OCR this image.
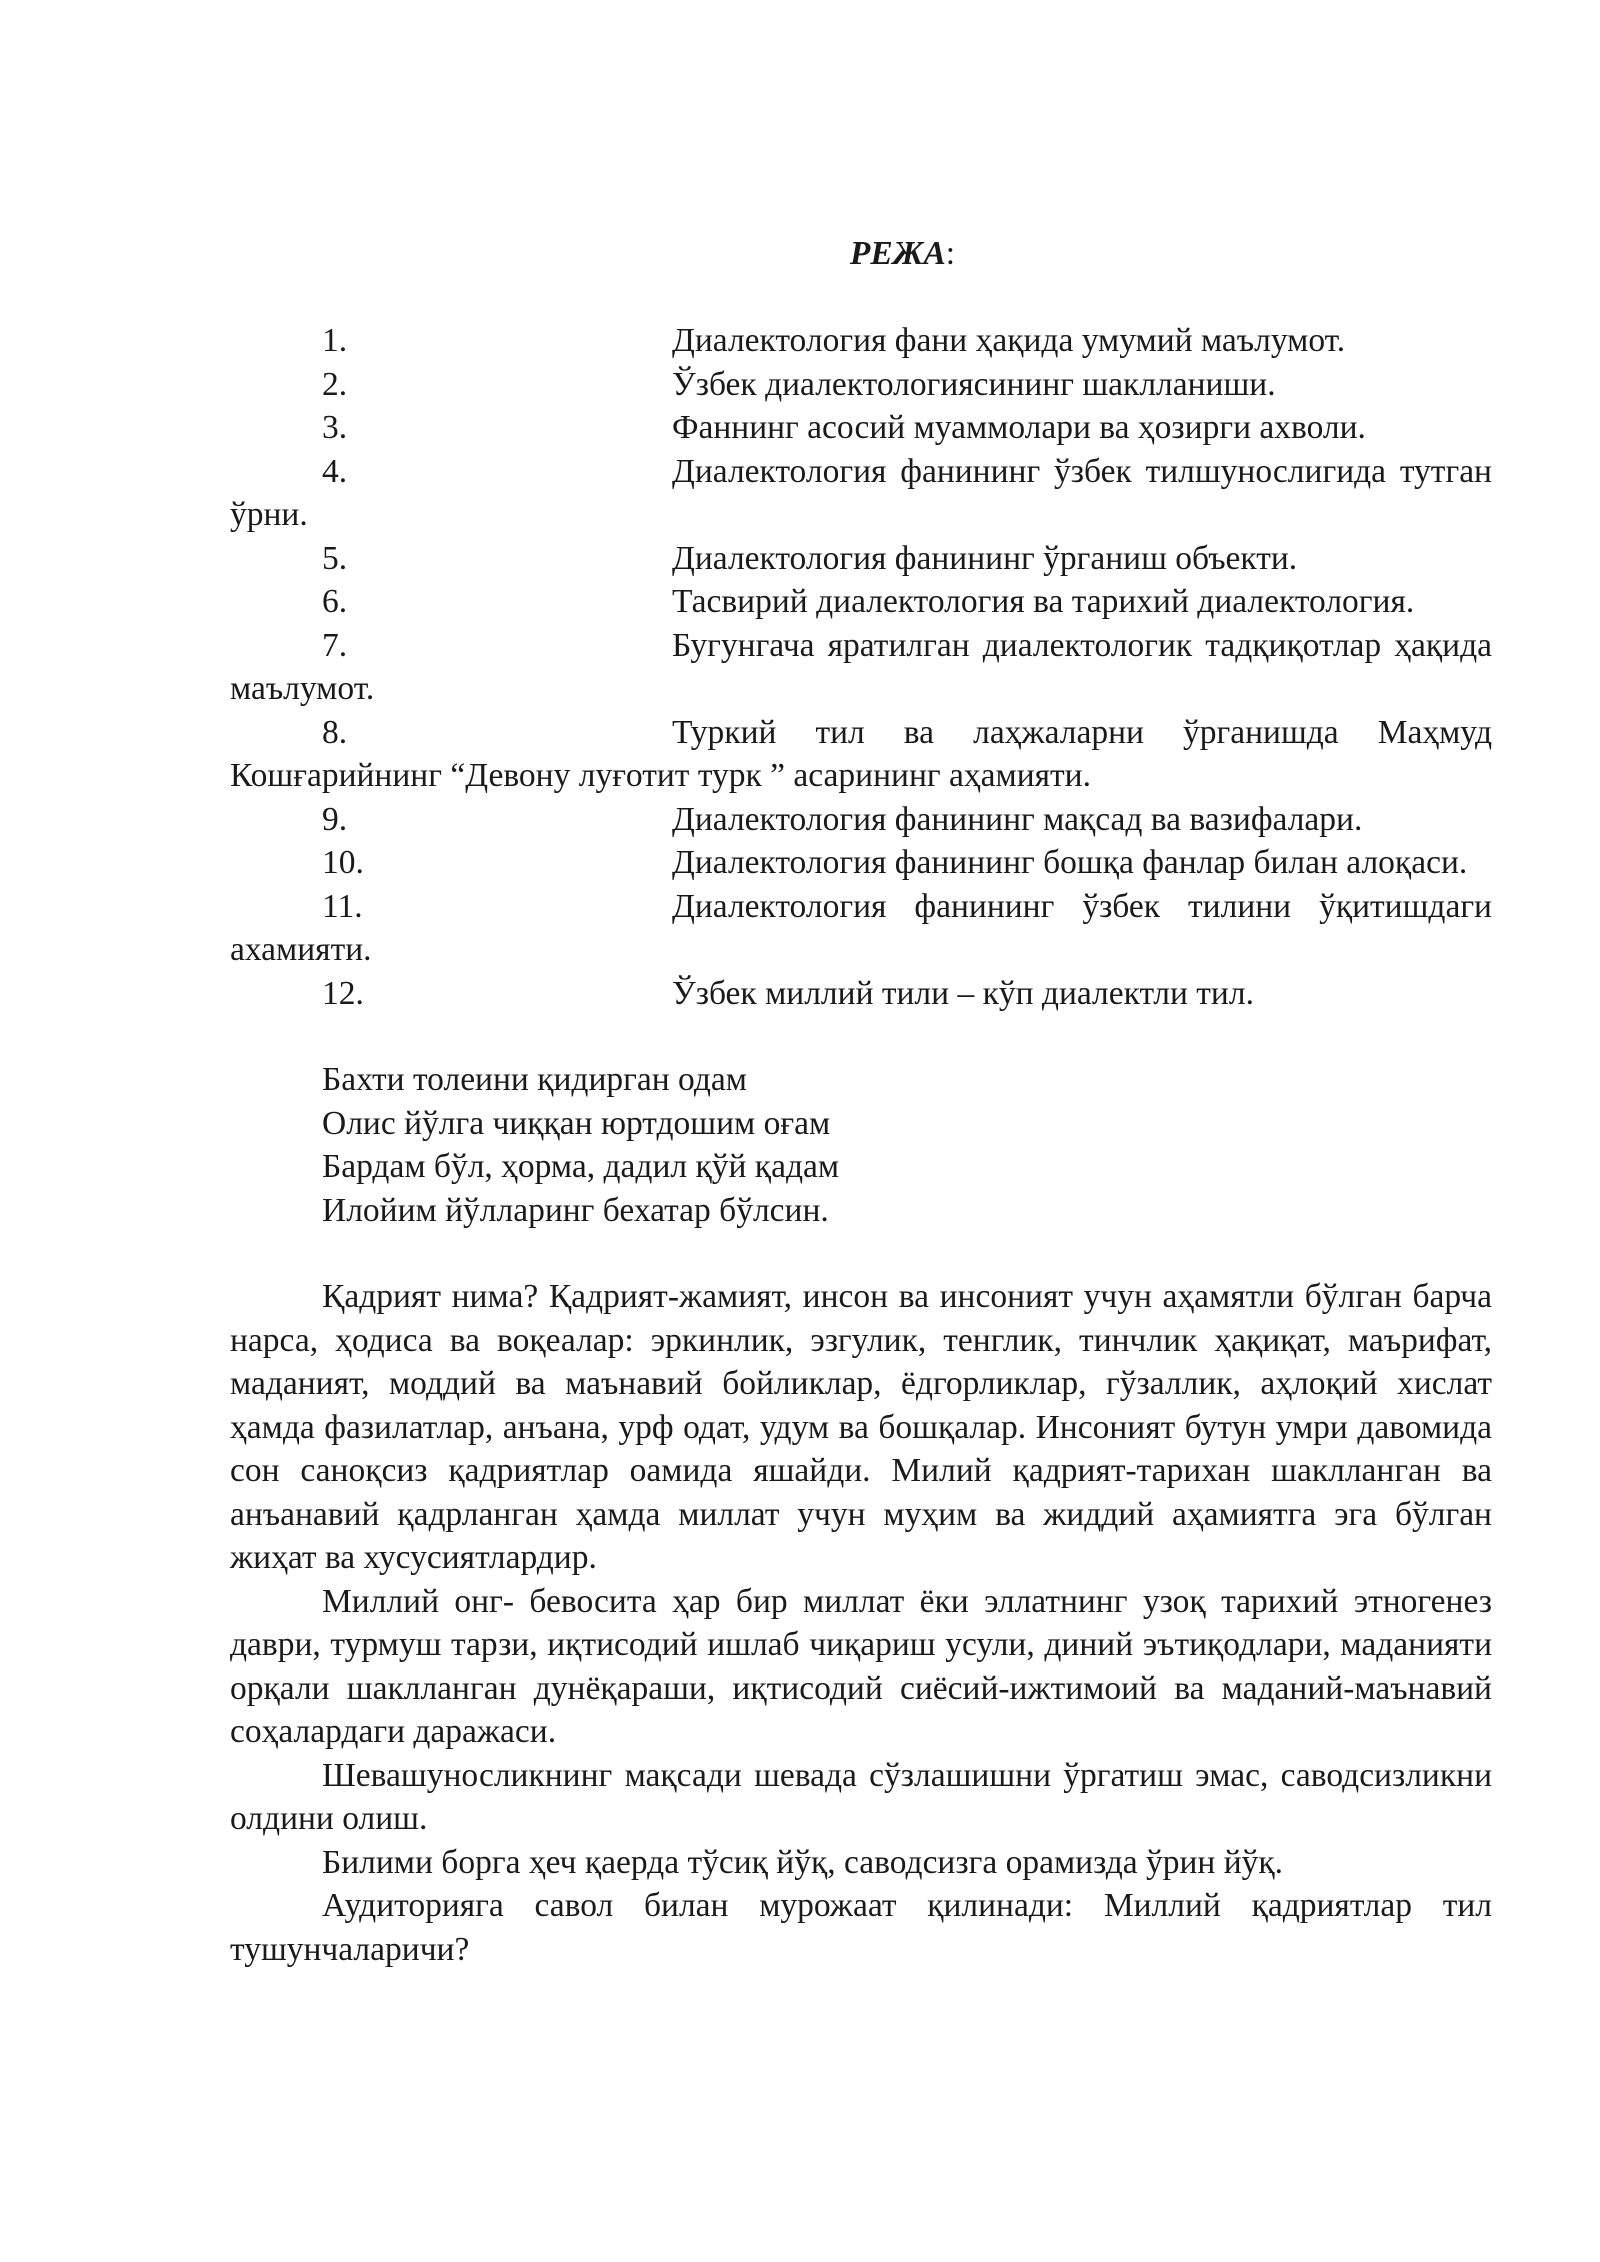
РЕЖА:
1.	Диалектология фани ҳақида умумий маълумот.
2.	Ўзбек диалектологиясининг шаклланиши.
3.	Фаннинг асосий муаммолари ва ҳозирги ахволи.
4.	Диалектология фанининг ўзбек тилшунослигида тутган ўрни.
5.	Диалектология фанининг ўрганиш объекти.
6.	Тасвирий диалектология ва тарихий диалектология.
7.	Бугунгача яратилган диалектологик тадқиқотлар ҳақида маълумот.
8.	Туркий тил ва лаҳжаларни ўрганишда Маҳмуд Кошғарийнинг “Девону луғотит турк ” асарининг аҳамияти.
9.	Диалектология фанининг мақсад ва вазифалари.
10.	Диалектология фанининг бошқа фанлар билан алоқаси.
11.	Диалектология фанининг ўзбек тилини ўқитишдаги ахамияти.
12.	Ўзбек миллий тили – кўп диалектли тил.
Бахти толеини қидирган одам
Олис йўлга чиққан юртдошим оғам
Бардам бўл, ҳорма, дадил қўй қадам
Илойим йўлларинг бехатар бўлсин.
Қадрият нима? Қадрият-жамият, инсон ва инсоният учун аҳамятли бўлган барча нарса, ҳодиса ва воқеалар: эркинлик, эзгулик, тенглик, тинчлик ҳақиқат, маърифат, маданият, моддий ва маънавий бойликлар, ёдгорликлар, гўзаллик, аҳлоқий хислат ҳамда фазилатлар, анъана, урф одат, удум ва бошқалар. Инсоният бутун умри давомида сон саноқсиз қадриятлар оамида яшайди. Милий қадрият-тарихан шаклланган ва анъанавий қадрланган ҳамда миллат учун муҳим ва жиддий аҳамиятга эга бўлган жиҳат ва хусусиятлардир.
Миллий онг- бевосита ҳар бир миллат ёки эллатнинг узоқ тарихий этногенез даври, турмуш тарзи, иқтисодий ишлаб чиқариш усули, диний эътиқодлари, маданияти орқали шаклланган дунёқараши, иқтисодий сиёсий-ижтимоий ва маданий-маънавий соҳалардаги даражаси.
Шевашуносликнинг мақсади шевада сўзлашишни ўргатиш эмас, саводсизликни олдини олиш.
Билими борга ҳеч қаерда тўсиқ йўқ, саводсизга орамизда ўрин йўқ.
Аудиторияга савол билан мурожаат қилинади: Миллий қадриятлар тил тушунчаларичи?
